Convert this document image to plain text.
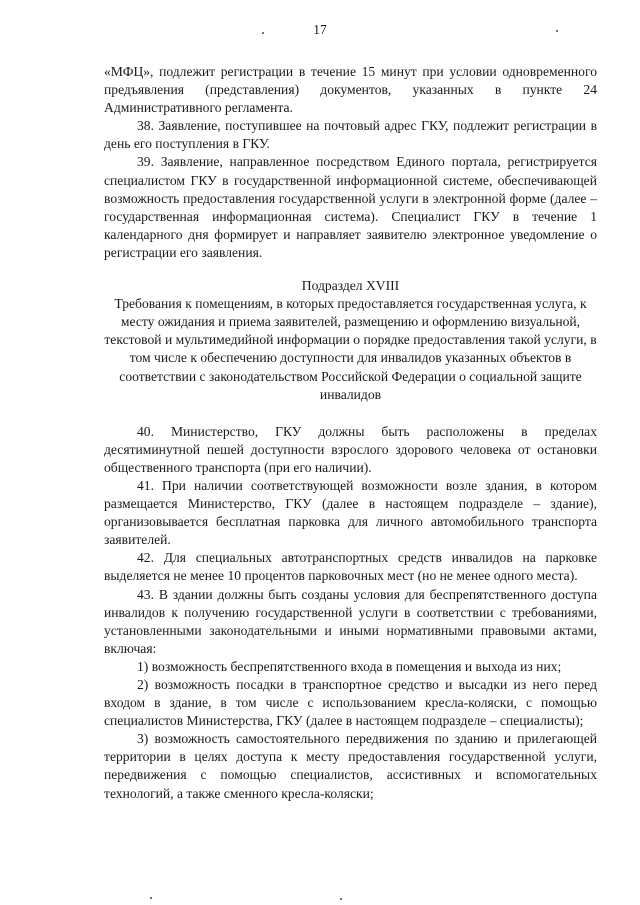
17

«МФЦ», подлежит регистрации в течение 15 минут при условии одновременного предъявления (представления) документов, указанных в пункте 24 Административного регламента.

38. Заявление, поступившее на почтовый адрес ГКУ, подлежит регистрации в день его поступления в ГКУ.

39. Заявление, направленное посредством Единого портала, регистрируется специалистом ГКУ в государственной информационной системе, обеспечивающей возможность предоставления государственной услуги в электронной форме (далее – государственная информационная система). Специалист ГКУ в течение 1 календарного дня формирует и направляет заявителю электронное уведомление о регистрации его заявления.

Подраздел XVIII

Требования к помещениям, в которых предоставляется государственная услуга, к месту ожидания и приема заявителей, размещению и оформлению визуальной, текстовой и мультимедийной информации о порядке предоставления такой услуги, в том числе к обеспечению доступности для инвалидов указанных объектов в соответствии с законодательством Российской Федерации о социальной защите инвалидов

40. Министерство, ГКУ должны быть расположены в пределах десятиминутной пешей доступности взрослого здорового человека от остановки общественного транспорта (при его наличии).

41. При наличии соответствующей возможности возле здания, в котором размещается Министерство, ГКУ (далее в настоящем подразделе – здание), организовывается бесплатная парковка для личного автомобильного транспорта заявителей.

42. Для специальных автотранспортных средств инвалидов на парковке выделяется не менее 10 процентов парковочных мест (но не менее одного места).

43. В здании должны быть созданы условия для беспрепятственного доступа инвалидов к получению государственной услуги в соответствии с требованиями, установленными законодательными и иными нормативными правовыми актами, включая:

1) возможность беспрепятственного входа в помещения и выхода из них;

2) возможность посадки в транспортное средство и высадки из него перед входом в здание, в том числе с использованием кресла-коляски, с помощью специалистов Министерства, ГКУ (далее в настоящем подразделе – специалисты);

3) возможность самостоятельного передвижения по зданию и прилегающей территории в целях доступа к месту предоставления государственной услуги, передвижения с помощью специалистов, ассистивных и вспомогательных технологий, а также сменного кресла-коляски;
